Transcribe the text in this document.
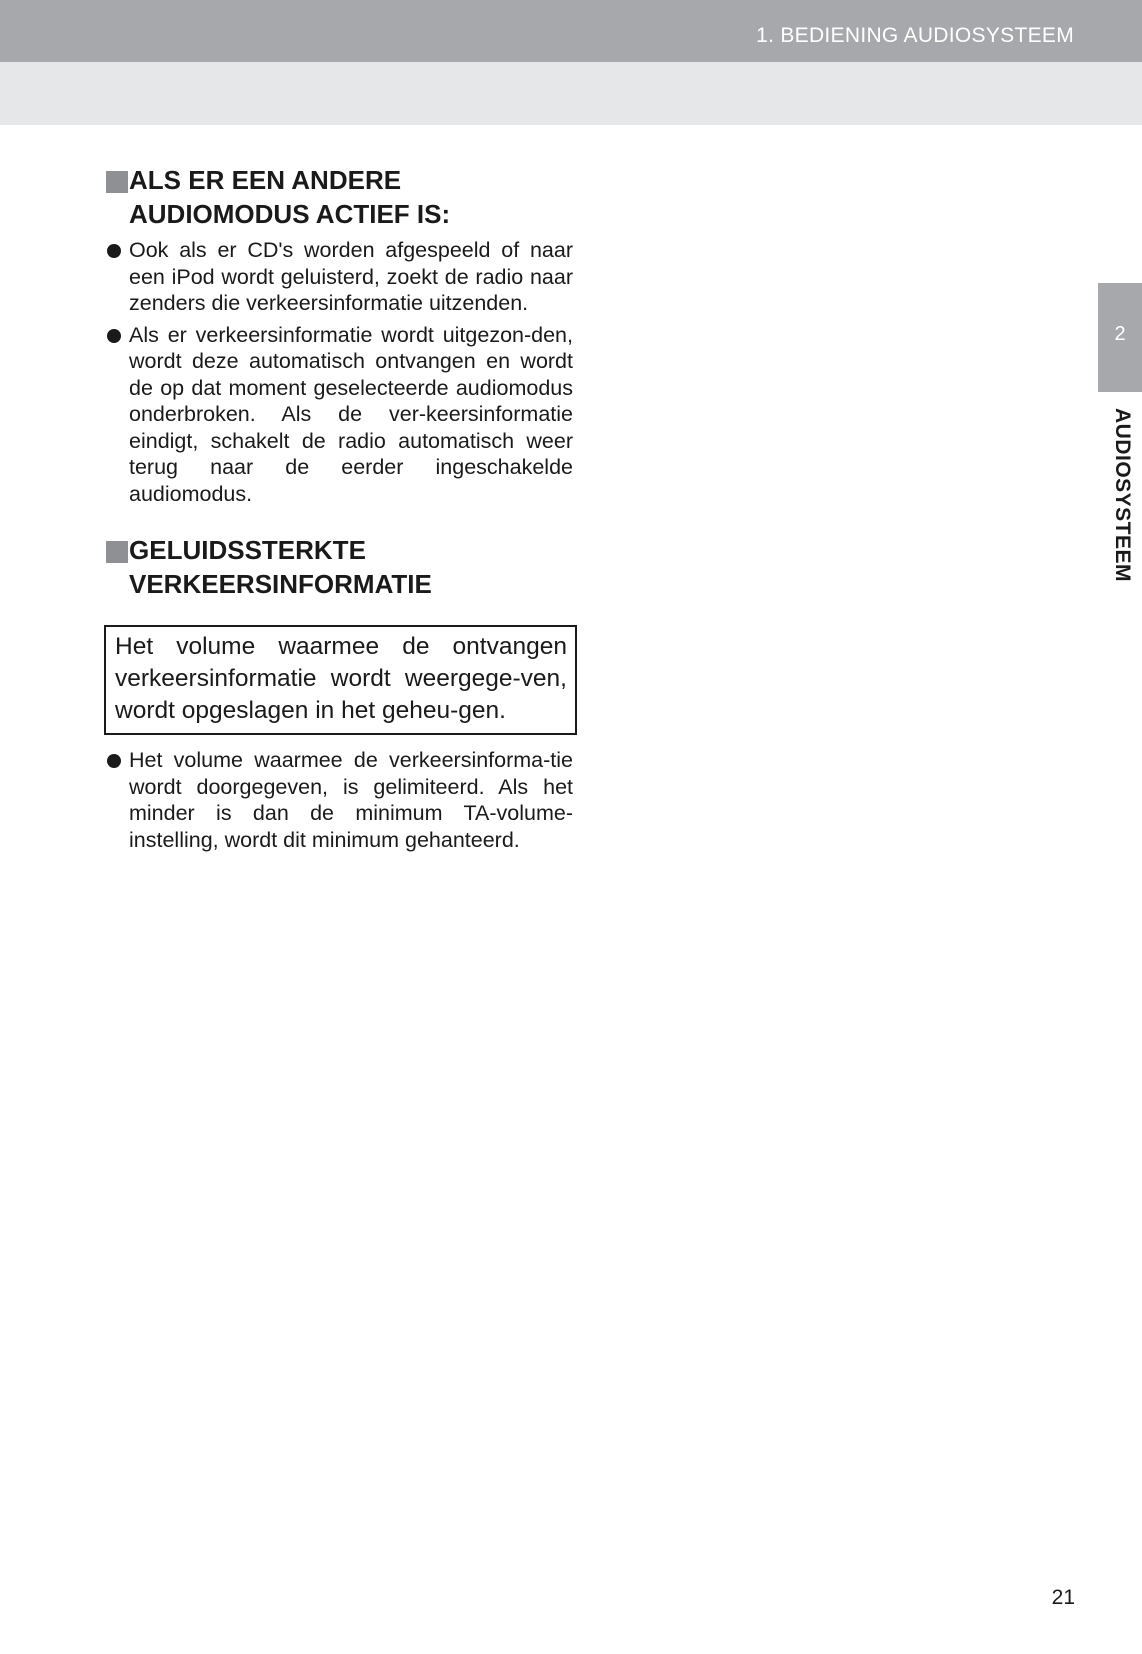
1. BEDIENING AUDIOSYSTEEM
2
AUDIOSYSTEEM
ALS ER EEN ANDERE
AUDIOMODUS ACTIEF IS:
Ook als er CD's worden afgespeeld of naar een iPod wordt geluisterd, zoekt de radio naar zenders die verkeersinformatie uitzenden.
Als er verkeersinformatie wordt uitgezon-den, wordt deze automatisch ontvangen en wordt de op dat moment geselecteerde audiomodus onderbroken. Als de ver-keersinformatie eindigt, schakelt de radio automatisch weer terug naar de eerder ingeschakelde audiomodus.
GELUIDSSTERKTE
VERKEERSINFORMATIE
Het volume waarmee de ontvangen verkeersinformatie wordt weergege-ven, wordt opgeslagen in het geheu-gen.
Het volume waarmee de verkeersinforma-tie wordt doorgegeven, is gelimiteerd. Als het minder is dan de minimum TA-volume-instelling, wordt dit minimum gehanteerd.
21
